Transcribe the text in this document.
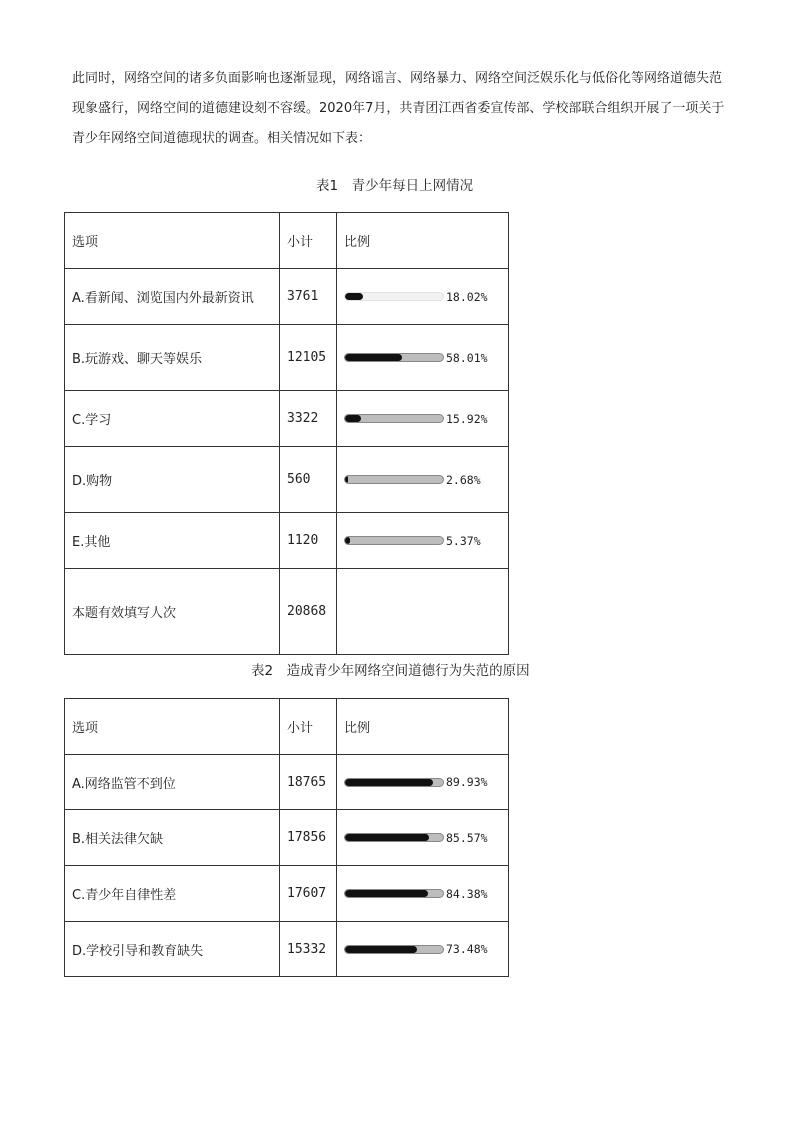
此同时，网络空间的诸多负面影响也逐渐显现，网络谣言、网络暴力、网络空间泛娱乐化与低俗化等网络道德失范现象盛行，网络空间的道德建设刻不容缓。2020年7月，共青团江西省委宣传部、学校部联合组织开展了一项关于青少年网络空间道德现状的调查。相关情况如下表：

表1　青少年每日上网情况
选项	小计	比例
A.看新闻、浏览国内外最新资讯	3761	18.02%

B.玩游戏、聊天等娱乐	12105	58.01%

C.学习	3322	15.92%

D.购物	560	2.68%

E.其他	1120	5.37%

本题有效填写人次	20868	
表2　造成青少年网络空间道德行为失范的原因
选项	小计	比例
A.网络监管不到位	18765	89.93%

B.相关法律欠缺	17856	85.57%

C.青少年自律性差	17607	84.38%

D.学校引导和教育缺失	15332	73.48%
